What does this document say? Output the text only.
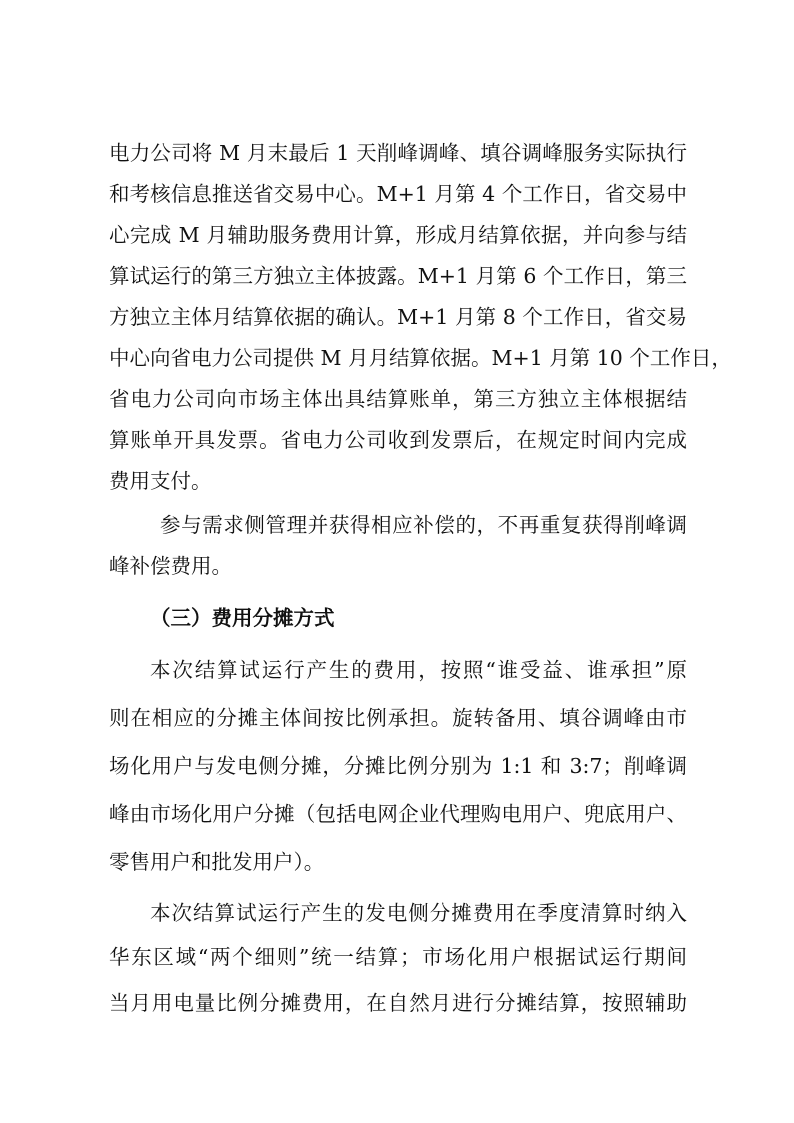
电力公司将 M 月末最后 1 天削峰调峰、填谷调峰服务实际执行
和考核信息推送省交易中心。M+1 月第 4 个工作日，省交易中
心完成 M 月辅助服务费用计算，形成月结算依据，并向参与结
算试运行的第三方独立主体披露。M+1 月第 6 个工作日，第三
方独立主体月结算依据的确认。M+1 月第 8 个工作日，省交易
中心向省电力公司提供 M 月月结算依据。M+1 月第 10 个工作日，
省电力公司向市场主体出具结算账单，第三方独立主体根据结
算账单开具发票。省电力公司收到发票后，在规定时间内完成
费用支付。
参与需求侧管理并获得相应补偿的，不再重复获得削峰调
峰补偿费用。
（三）费用分摊方式
本次结算试运行产生的费用，按照“谁受益、谁承担”原
则在相应的分摊主体间按比例承担。旋转备用、填谷调峰由市
场化用户与发电侧分摊，分摊比例分别为 1:1 和 3:7；削峰调
峰由市场化用户分摊（包括电网企业代理购电用户、兜底用户、
零售用户和批发用户）。
本次结算试运行产生的发电侧分摊费用在季度清算时纳入
华东区域“两个细则”统一结算；市场化用户根据试运行期间
当月用电量比例分摊费用，在自然月进行分摊结算，按照辅助
